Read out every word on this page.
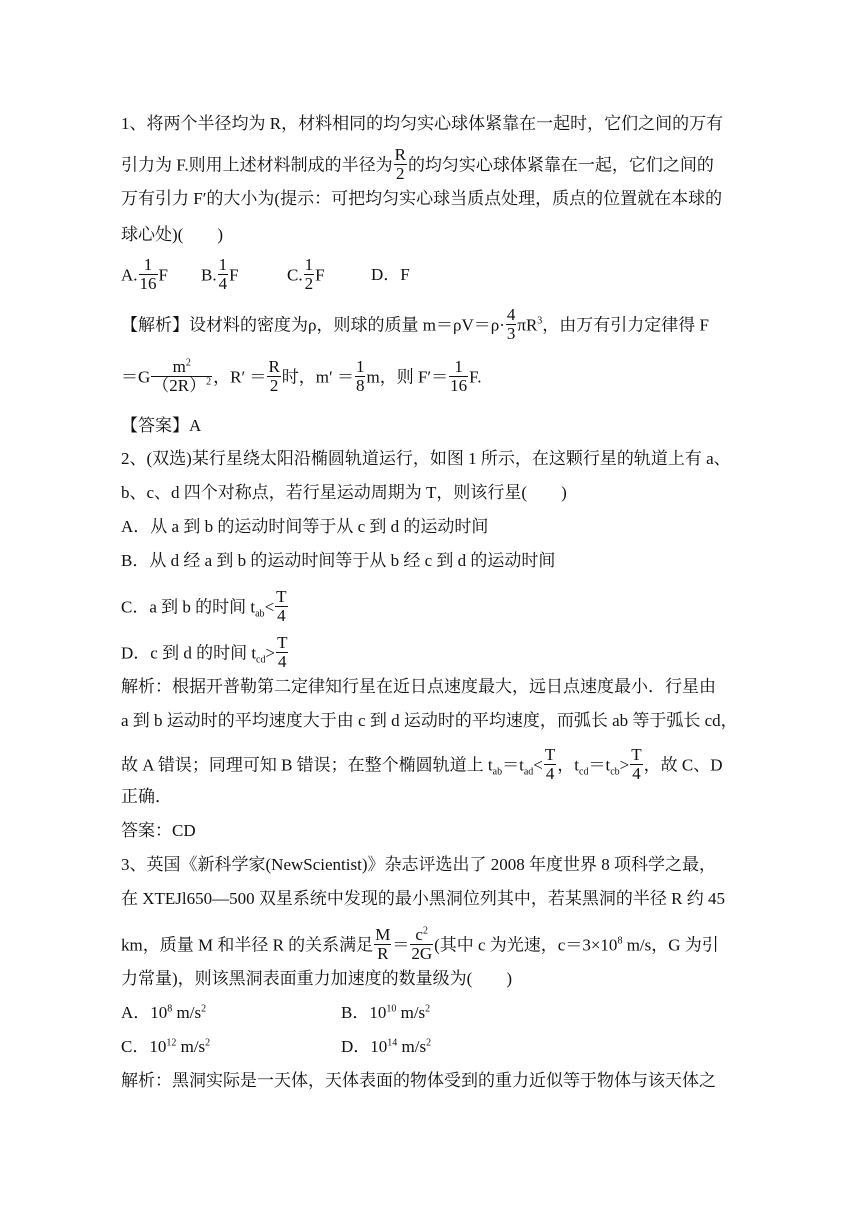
1、将两个半径均为 R，材料相同的均匀实心球体紧靠在一起时，它们之间的万有
引力为 F.则用上述材料制成的半径为 $\frac{R}{2}$ 的均匀实心球体紧靠在一起，它们之间的
万有引力 F′的大小为(提示：可把均匀实心球当质点处理，质点的位置就在本球的
球心处)(　　)
A. $\frac{1}{16}$ F B. $\frac{1}{4}$ F	C. $\frac{1}{2}$ F	D．F
【解析】设材料的密度为ρ，则球的质量 $m=\rho V=\rho\cdot \frac{4}{3} \pi R^3$，由万有引力定律得 F
$=G \frac{m^2}{(2R)^2}$ ，$R' = \frac{R}{2}$ 时，$m' = \frac{1}{8}$ m，则 $F'= \frac{1}{16} F$.
【答案】A
2、(双选)某行星绕太阳沿椭圆轨道运行，如图 1 所示，在这颗行星的轨道上有 a、
b、c、d 四个对称点，若行星运动周期为 T，则该行星(　　)
A．从 a 到 b 的运动时间等于从 c 到 d 的运动时间
B．从 d 经 a 到 b 的运动时间等于从 b 经 c 到 d 的运动时间
C．a 到 b 的时间 $t_{ab}< \frac{T}{4}$
D．c 到 d 的时间 $t_{cd}> \frac{T}{4}$
解析：根据开普勒第二定律知行星在近日点速度最大，远日点速度最小．行星由
a 到 b 运动时的平均速度大于由 c 到 d 运动时的平均速度，而弧长 ab 等于弧长 cd，
故 A 错误；同理可知 B 错误；在整个椭圆轨道上 $t_{ab}=t_{ad}< \frac{T}{4}$ ，$t_{cd}=t_{cb}> \frac{T}{4}$ ，故 C、D
正确．
答案：CD
3、英国《新科学家(NewScientist)》杂志评选出了 2008 年度世界 8 项科学之最，
在 XTEJl650—500 双星系统中发现的最小黑洞位列其中，若某黑洞的半径 R 约 45
km，质量 M 和半径 R 的关系满足 $\frac{M}{R} = \frac{c^2}{2G}$ (其中 c 为光速，$c=3\times 10^8$ m/s，G 为引
力常量)，则该黑洞表面重力加速度的数量级为(　　)
A．$10^8$ $m/s^2$	B．$10^{10}$ $m/s^2$
C．$10^{12}$ $m/s^2$	D．$10^{14}$ $m/s^2$
解析：黑洞实际是一天体，天体表面的物体受到的重力近似等于物体与该天体之
